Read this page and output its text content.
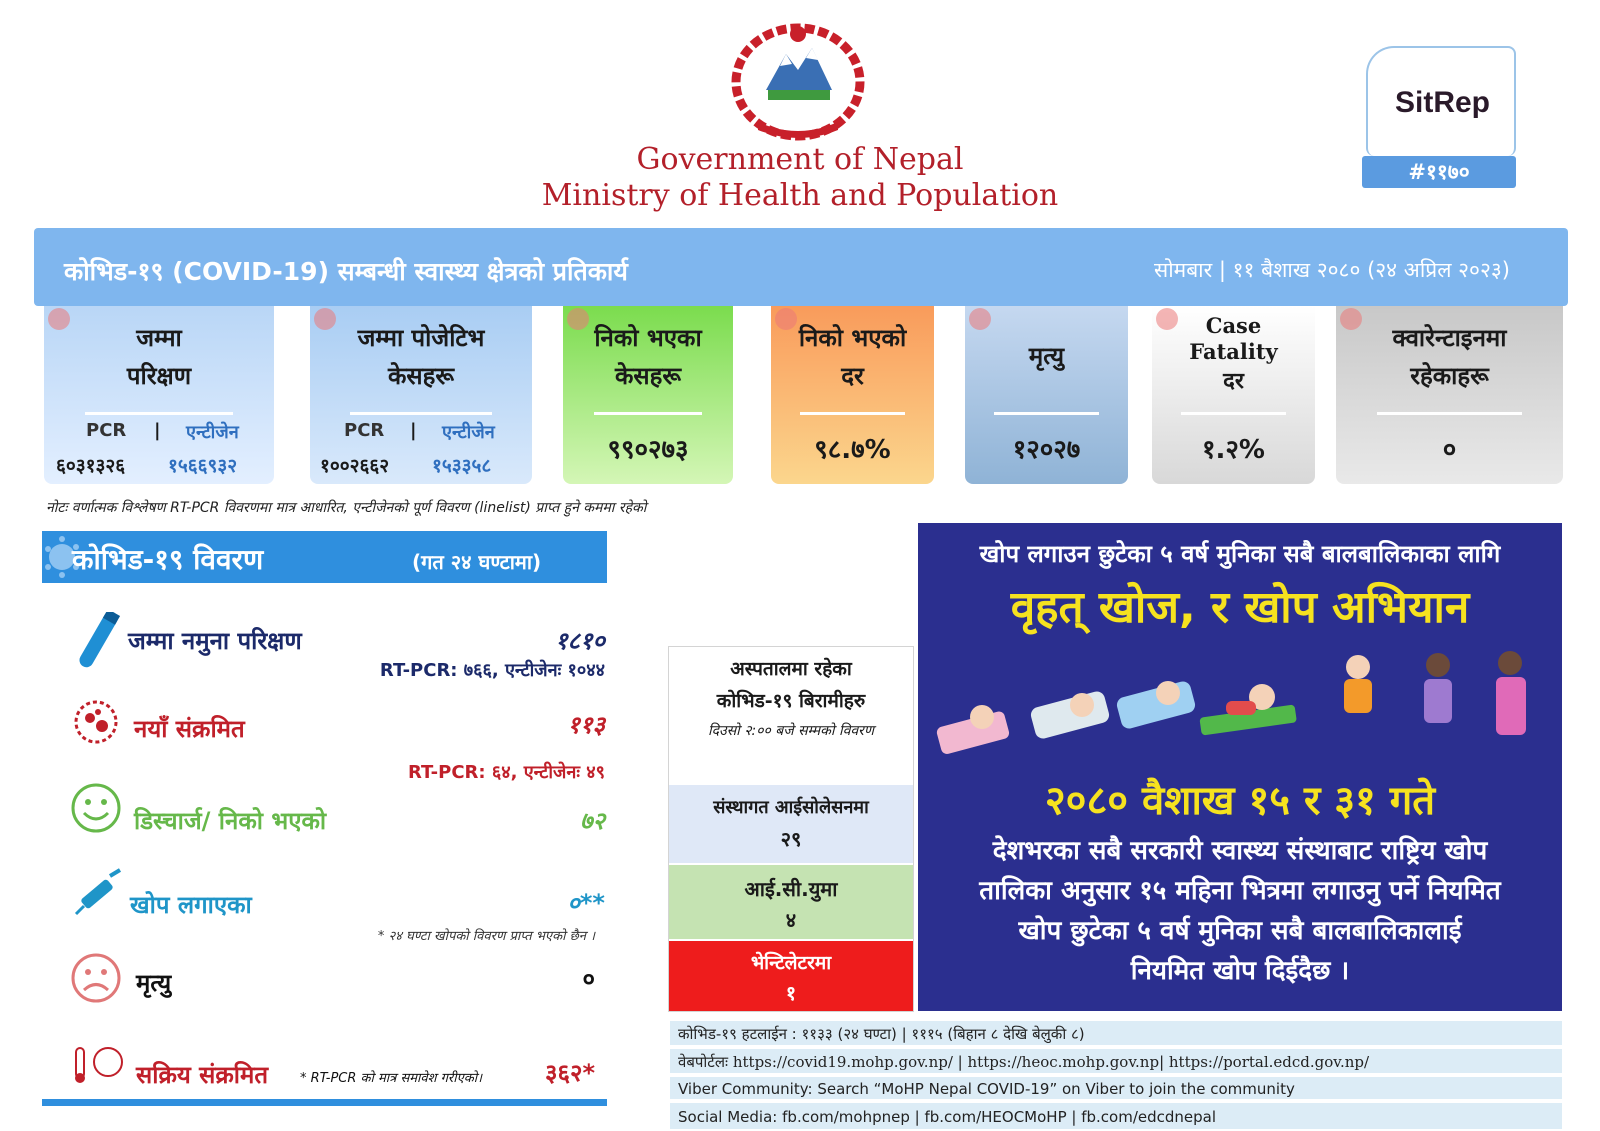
Government of Nepal
Ministry of Health and Population
SitRep
#११७०
कोभिड-१९ (COVID-19) सम्बन्धी स्वास्थ्य क्षेत्रको प्रतिकार्य	सोमबार | ११ बैशाख २०८० (२४ अप्रिल २०२३)
जम्मा
परिक्षण
PCR | एन्टीजेन
६०३१३२६ १५६६९३२
जम्मा पोजेटिभ
केसहरू
PCR | एन्टीजेन
१००२६६२ १५३३५८
निको भएका
केसहरू
९९०२७३
निको भएको
दर
९८.७%
मृत्यु
१२०२७
Case
Fatality
दर
१.२%
क्वारेन्टाइनमा
रहेकाहरू
०
नोटः वर्णात्मक विश्लेषण RT-PCR विवरणमा मात्र आधारित, एन्टीजेनको पूर्ण विवरण (linelist) प्राप्त हुने कममा रहेको
कोभिड-१९ विवरण	(गत २४ घण्टामा)
जम्मा नमुना परिक्षण	१८१०
RT-PCR: ७६६, एन्टीजेनः १०४४
नयाँ संक्रमित	११३
RT-PCR: ६४, एन्टीजेनः ४९
डिस्चार्ज/ निको भएको	७२
खोप लगाएका	०**
* २४ घण्टा खोपको विवरण प्राप्त भएको छैन ।
मृत्यु	०
सक्रिय संक्रमित * RT-PCR को मात्र समावेश गरीएको।	३६२*
अस्पतालमा रहेका
कोभिड-१९ बिरामीहरु
दिउसो २:०० बजे सम्मको विवरण
संस्थागत आईसोलेसनमा
२९
आई.सी.युमा
४
भेन्टिलेटरमा
१
खोप लगाउन छुटेका ५ वर्ष मुनिका सबै बालबालिकाका लागि
वृहत् खोज, र खोप अभियान
२०८० वैशाख १५ र ३१ गते
देशभरका सबै सरकारी स्वास्थ्य संस्थाबाट राष्ट्रिय खोप
तालिका अनुसार १५ महिना भित्रमा लगाउनु पर्ने नियमित
खोप छुटेका ५ वर्ष मुनिका सबै बालबालिकालाई
नियमित खोप दिईदैछ ।
कोभिड-१९ हटलाईन : ११३३ (२४ घण्टा) | १११५ (बिहान ८ देखि बेलुकी ८)
वेबपोर्टलः https://covid19.mohp.gov.np/ | https://heoc.mohp.gov.np| https://portal.edcd.gov.np/
Viber Community: Search “MoHP Nepal COVID-19” on Viber to join the community
Social Media: fb.com/mohpnep | fb.com/HEOCMoHP | fb.com/edcdnepal
